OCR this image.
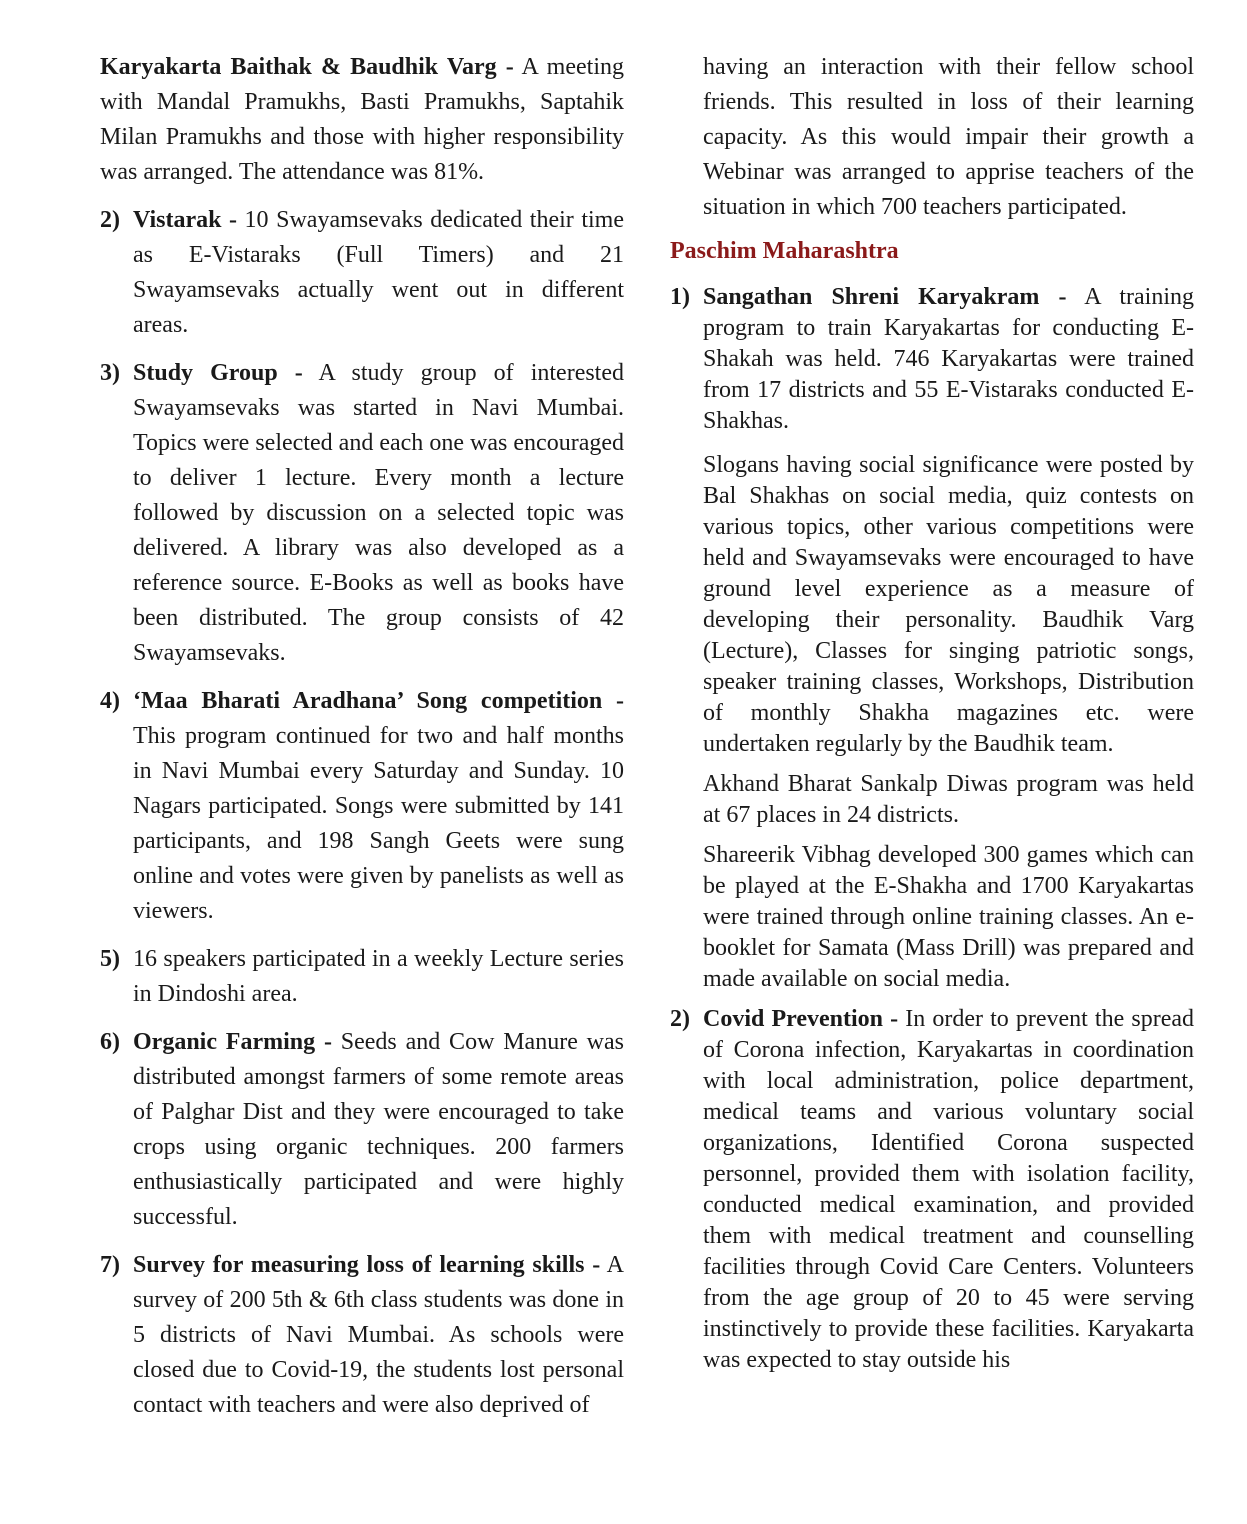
Karyakarta Baithak & Baudhik Varg - A meeting with Mandal Pramukhs, Basti Pramukhs, Saptahik Milan Pramukhs and those with higher responsibility was arranged. The attendance was 81%.

2) Vistarak - 10 Swayamsevaks dedicated their time as E-Vistaraks (Full Timers) and 21 Swayamsevaks actually went out in different areas.
3) Study Group - A study group of interested Swayamsevaks was started in Navi Mumbai. Topics were selected and each one was encouraged to deliver 1 lecture. Every month a lecture followed by discussion on a selected topic was delivered. A library was also developed as a reference source. E-Books as well as books have been distributed. The group consists of 42 Swayamsevaks.
4) ‘Maa Bharati Aradhana’ Song competition - This program continued for two and half months in Navi Mumbai every Saturday and Sunday. 10 Nagars participated. Songs were submitted by 141 participants, and 198 Sangh Geets were sung online and votes were given by panelists as well as viewers.
5) 16 speakers participated in a weekly Lecture series in Dindoshi area.
6) Organic Farming - Seeds and Cow Manure was distributed amongst farmers of some remote areas of Palghar Dist and they were encouraged to take crops using organic techniques. 200 farmers enthusiastically participated and were highly successful.
7) Survey for measuring loss of learning skills - A survey of 200 5th & 6th class students was done in 5 districts of Navi Mumbai. As schools were closed due to Covid-19, the students lost personal contact with teachers and were also deprived of

having an interaction with their fellow school friends. This resulted in loss of their learning capacity. As this would impair their growth a Webinar was arranged to apprise teachers of the situation in which 700 teachers participated.

Paschim Maharashtra
1) Sangathan Shreni Karyakram - A training program to train Karyakartas for conducting E-Shakah was held. 746 Karyakartas were trained from 17 districts and 55 E-Vistaraks conducted E-Shakhas.

Slogans having social significance were posted by Bal Shakhas on social media, quiz contests on various topics, other various competitions were held and Swayamsevaks were encouraged to have ground level experience as a measure of developing their personality. Baudhik Varg (Lecture), Classes for singing patriotic songs, speaker training classes, Workshops, Distribution of monthly Shakha magazines etc. were undertaken regularly by the Baudhik team.

Akhand Bharat Sankalp Diwas program was held at 67 places in 24 districts.

Shareerik Vibhag developed 300 games which can be played at the E-Shakha and 1700 Karyakartas were trained through online training classes. An e-booklet for Samata (Mass Drill) was prepared and made available on social media.

2) Covid Prevention - In order to prevent the spread of Corona infection, Karyakartas in coordination with local administration, police department, medical teams and various voluntary social organizations, Identified Corona suspected personnel, provided them with isolation facility, conducted medical examination, and provided them with medical treatment and counselling facilities through Covid Care Centers. Volunteers from the age group of 20 to 45 were serving instinctively to provide these facilities. Karyakarta was expected to stay outside his
